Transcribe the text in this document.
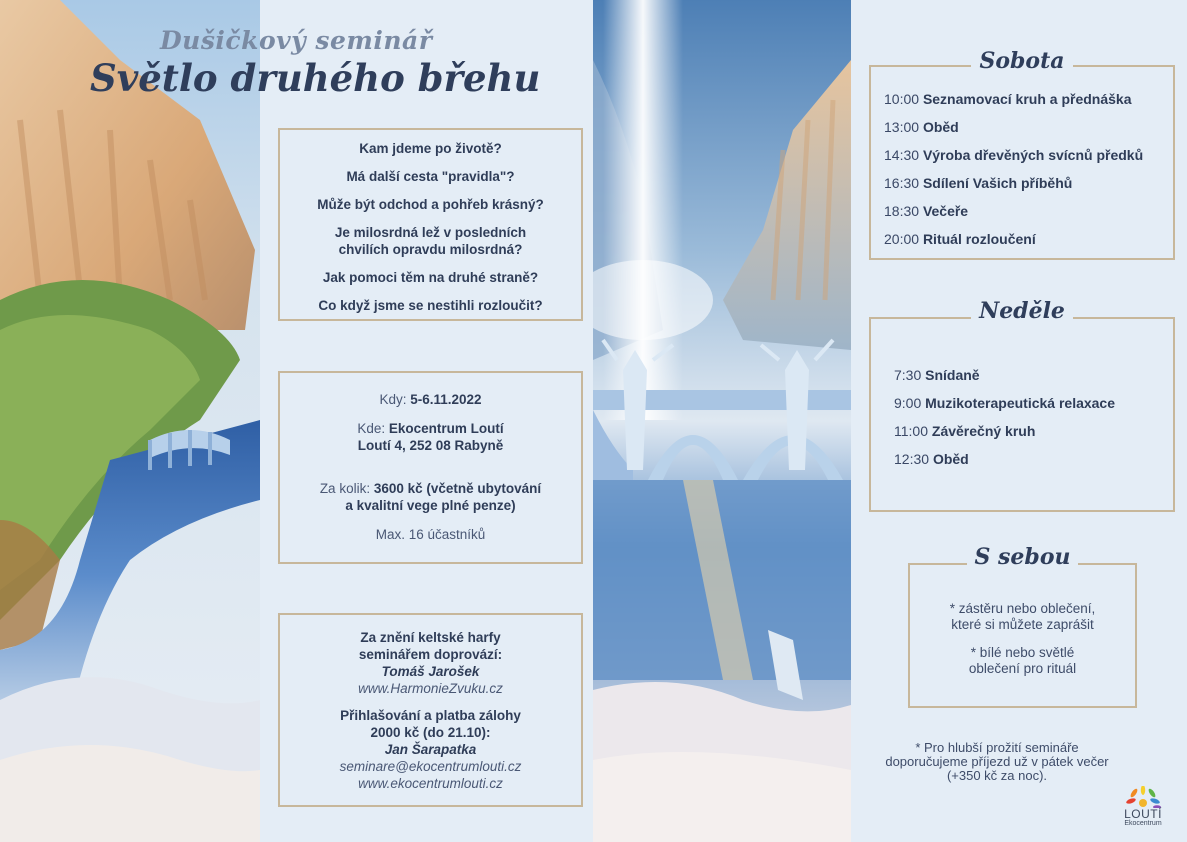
Dušičkový seminář
Světlo druhého břehu
Kam jdeme po životě?
Má další cesta "pravidla"?
Může být odchod a pohřeb krásný?
Je milosrdná lež v posledních
chvilích opravdu milosrdná?
Jak pomoci těm na druhé straně?
Co když jsme se nestihli rozloučit?
Kdy: 5-6.11.2022
Kde: Ekocentrum Loutí
Loutí 4, 252 08 Rabyně
Za kolik: 3600 kč (včetně ubytování
a kvalitní vege plné penze)
Max. 16 účastníků
Za znění keltské harfy
seminářem doprovází:
Tomáš Jarošek
www.HarmonieZvuku.cz
Přihlašování a platba zálohy
2000 kč (do 21.10):
Jan Šarapatka
seminare@ekocentrumlouti.cz
www.ekocentrumlouti.cz
Sobota
10:00 Seznamovací kruh a přednáška
13:00 Oběd
14:30 Výroba dřevěných svícnů předků
16:30 Sdílení Vašich příběhů
18:30 Večeře
20:00 Rituál rozloučení
Neděle
7:30 Snídaně
9:00 Muzikoterapeutická relaxace
11:00 Závěrečný kruh
12:30 Oběd
S sebou
* zástěru nebo oblečení,
které si můžete zaprášit
* bílé nebo světlé
oblečení pro rituál
* Pro hlubší prožití semináře
doporučujeme příjezd už v pátek večer
(+350 kč za noc).
LOUTÍ
Ekocentrum
